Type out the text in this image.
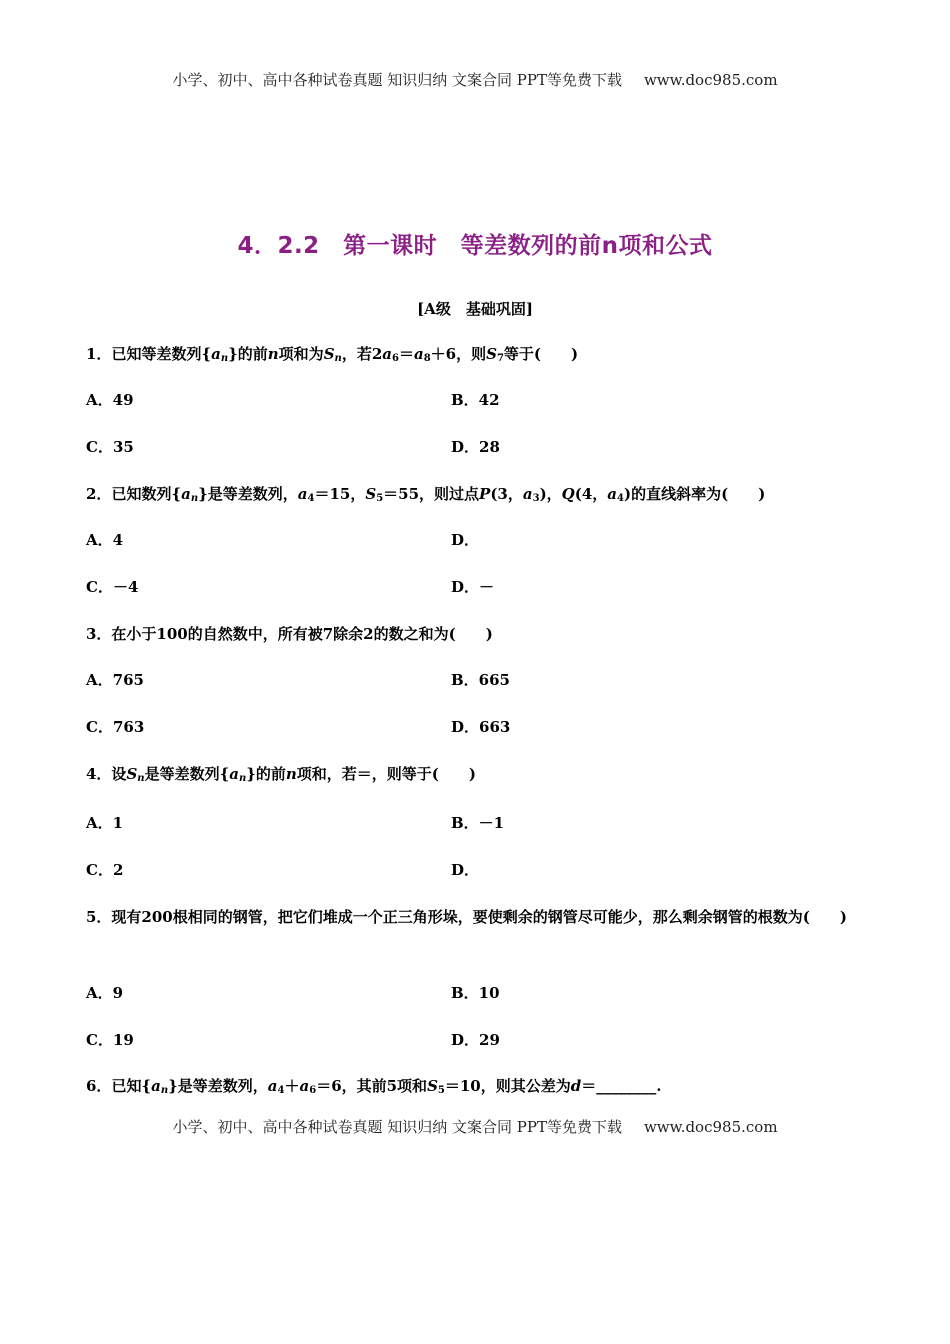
小学、初中、高中各种试卷真题 知识归纳 文案合同 PPT等免费下载 www.doc985.com
4．2.2　第一课时　等差数列的前n项和公式
[A级　基础巩固]
1．已知等差数列$\{a_n\}$的前n项和为$S_n$，若$2a_6=a_8+6$，则$S_7$等于(　　)
A．49	B．42
C．35	D．28
2．已知数列$\{a_n\}$是等差数列，$a_4=15$，$S_5=55$，则过点P(3，$a_3$)，Q(4，$a_4$)的直线斜率为(　　)
A．4	D．
C．－4	D．－
3．在小于100的自然数中，所有被7除余2的数之和为(　　)
A．765	B．665
C．763	D．663
4．设$S_n$是等差数列$\{a_n\}$的前n项和，若＝，则等于(　　)
A．1	B．－1
C．2	D．
5．现有200根相同的钢管，把它们堆成一个正三角形垛，要使剩余的钢管尽可能少，那么剩余钢管的根数为(　　)
A．9	B．10
C．19	D．29
6．已知$\{a_n\}$是等差数列，$a_4+a_6=6$，其前5项和$S_5=10$，则其公差为d＝________.
小学、初中、高中各种试卷真题 知识归纳 文案合同 PPT等免费下载 www.doc985.com
